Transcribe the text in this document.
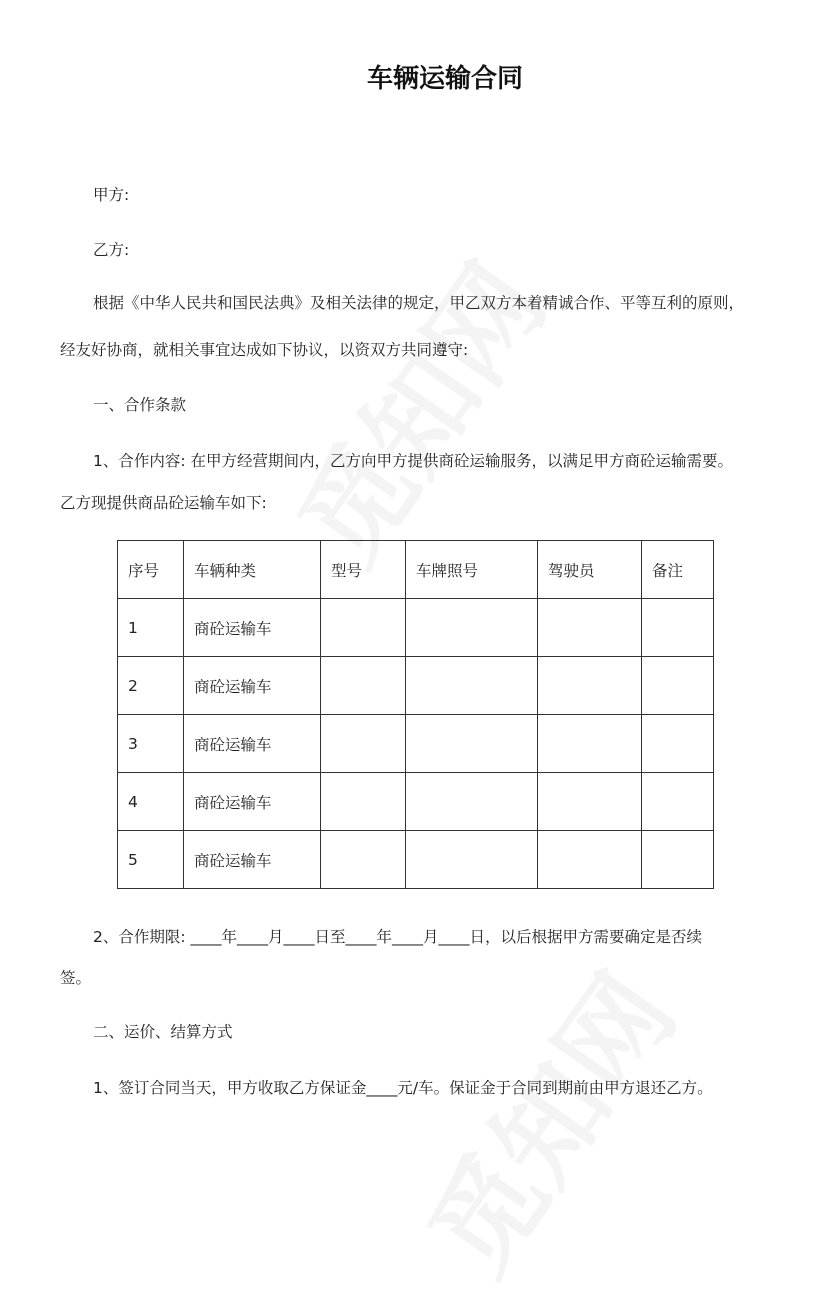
车辆运输合同
甲方:
乙方:
根据《中华人民共和国民法典》及相关法律的规定，甲乙双方本着精诚合作、平等互利的原则，
经友好协商，就相关事宜达成如下协议，以资双方共同遵守:
一、合作条款
1、合作内容: 在甲方经营期间内，乙方向甲方提供商砼运输服务，以满足甲方商砼运输需要。
乙方现提供商品砼运输车如下:
序号	车辆种类	型号	车牌照号	驾驶员	备注
1	商砼运输车				
2	商砼运输车				
3	商砼运输车				
4	商砼运输车				
5	商砼运输车				
2、合作期限: ____年____月____日至____年____月____日，以后根据甲方需要确定是否续
签。
二、运价、结算方式
1、签订合同当天，甲方收取乙方保证金____元/车。保证金于合同到期前由甲方退还乙方。
